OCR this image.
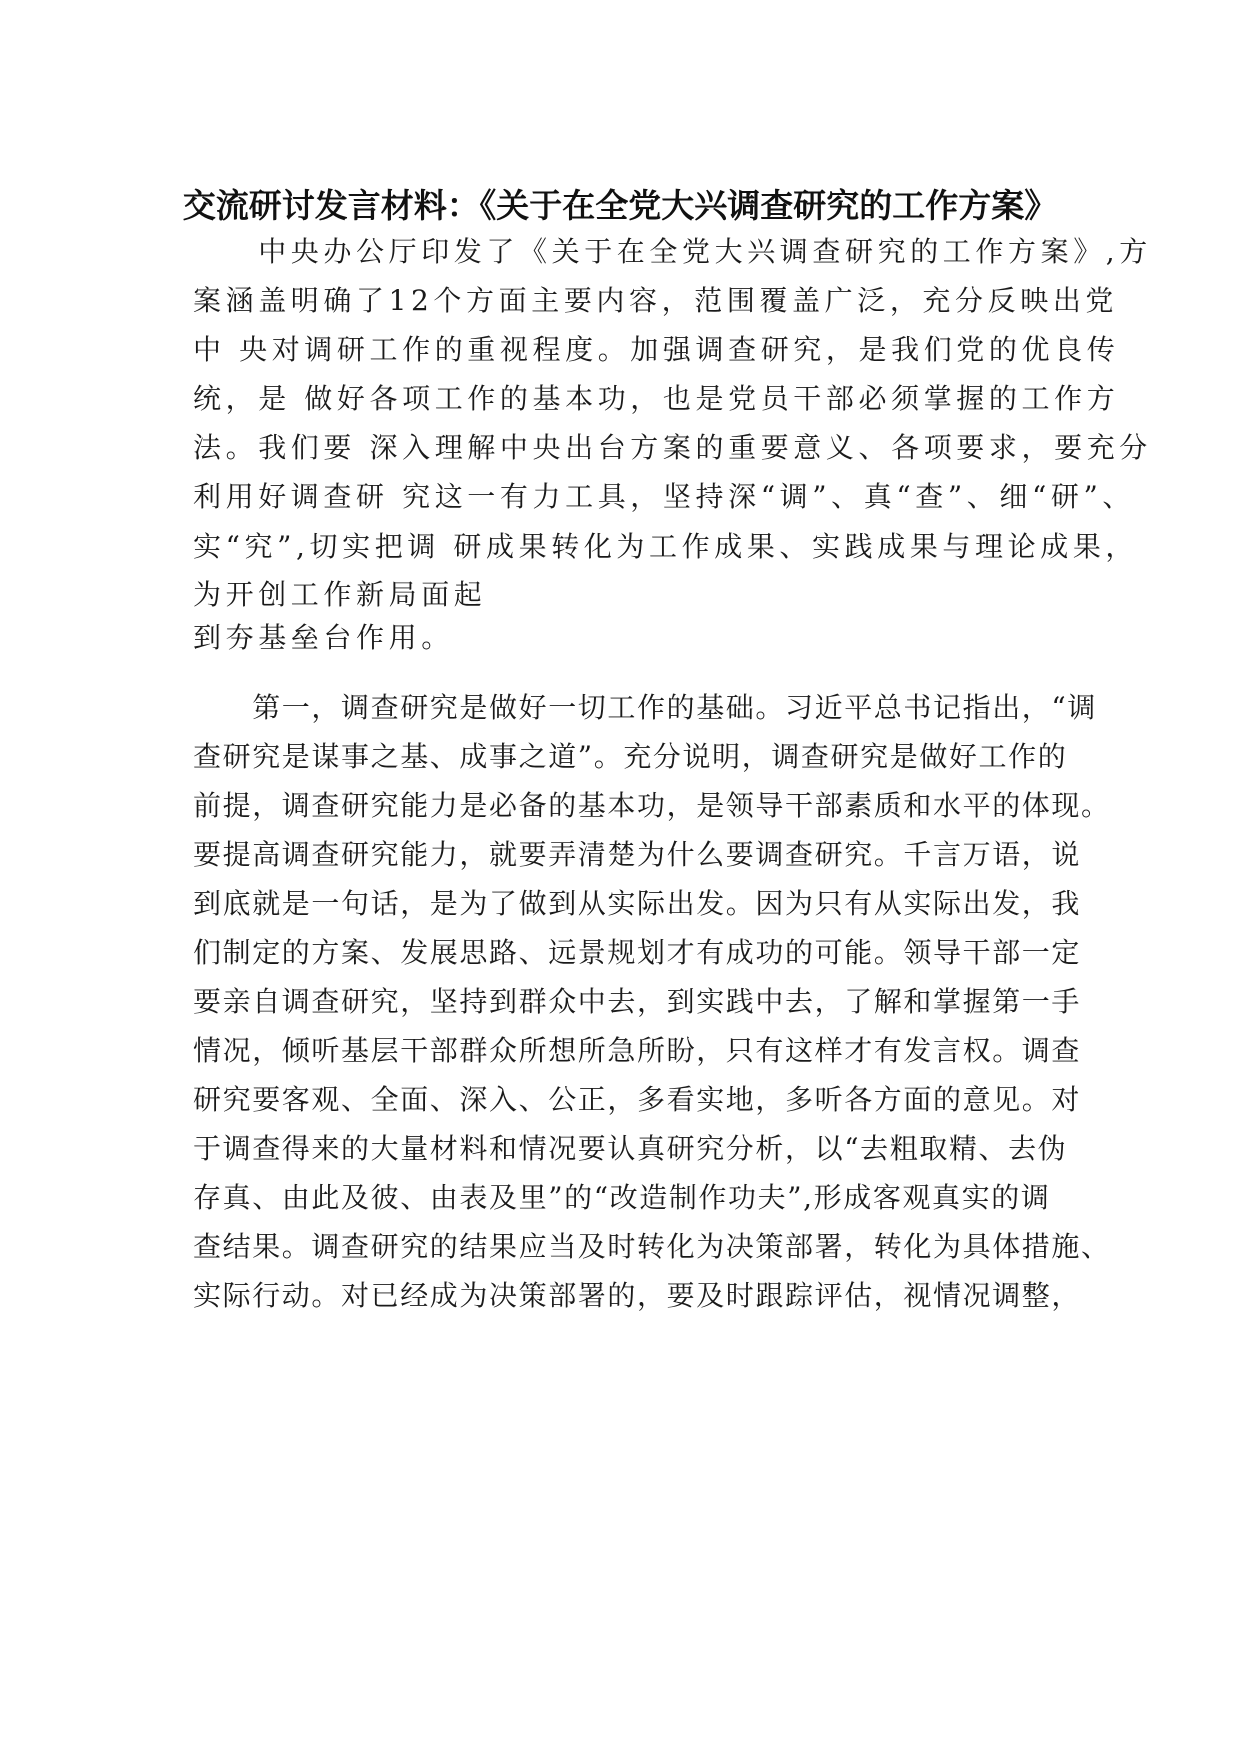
交流研讨发言材料：《关于在全党大兴调查研究的工作方案》
　　中央办公厅印发了《关于在全党大兴调查研究的工作方案》,方
案涵盖明确了12个方面主要内容，范围覆盖广泛，充分反映出党
中 央对调研工作的重视程度。加强调查研究，是我们党的优良传
统，是 做好各项工作的基本功，也是党员干部必须掌握的工作方
法。我们要 深入理解中央出台方案的重要意义、各项要求，要充分
利用好调查研 究这一有力工具，坚持深“调”、真“查”、细“研”、
实“究”,切实把调 研成果转化为工作成果、实践成果与理论成果，
为开创工作新局面起
到夯基垒台作用。
　　第一，调查研究是做好一切工作的基础。习近平总书记指出，“调
查研究是谋事之基、成事之道”。充分说明，调查研究是做好工作的
前提，调查研究能力是必备的基本功，是领导干部素质和水平的体现。
要提高调查研究能力，就要弄清楚为什么要调查研究。千言万语，说
到底就是一句话，是为了做到从实际出发。因为只有从实际出发，我
们制定的方案、发展思路、远景规划才有成功的可能。领导干部一定
要亲自调查研究，坚持到群众中去，到实践中去，了解和掌握第一手
情况，倾听基层干部群众所想所急所盼，只有这样才有发言权。调查
研究要客观、全面、深入、公正，多看实地，多听各方面的意见。对
于调查得来的大量材料和情况要认真研究分析，以“去粗取精、去伪
存真、由此及彼、由表及里”的“改造制作功夫”,形成客观真实的调
查结果。调查研究的结果应当及时转化为决策部署，转化为具体措施、
实际行动。对已经成为决策部署的，要及时跟踪评估，视情况调整，
